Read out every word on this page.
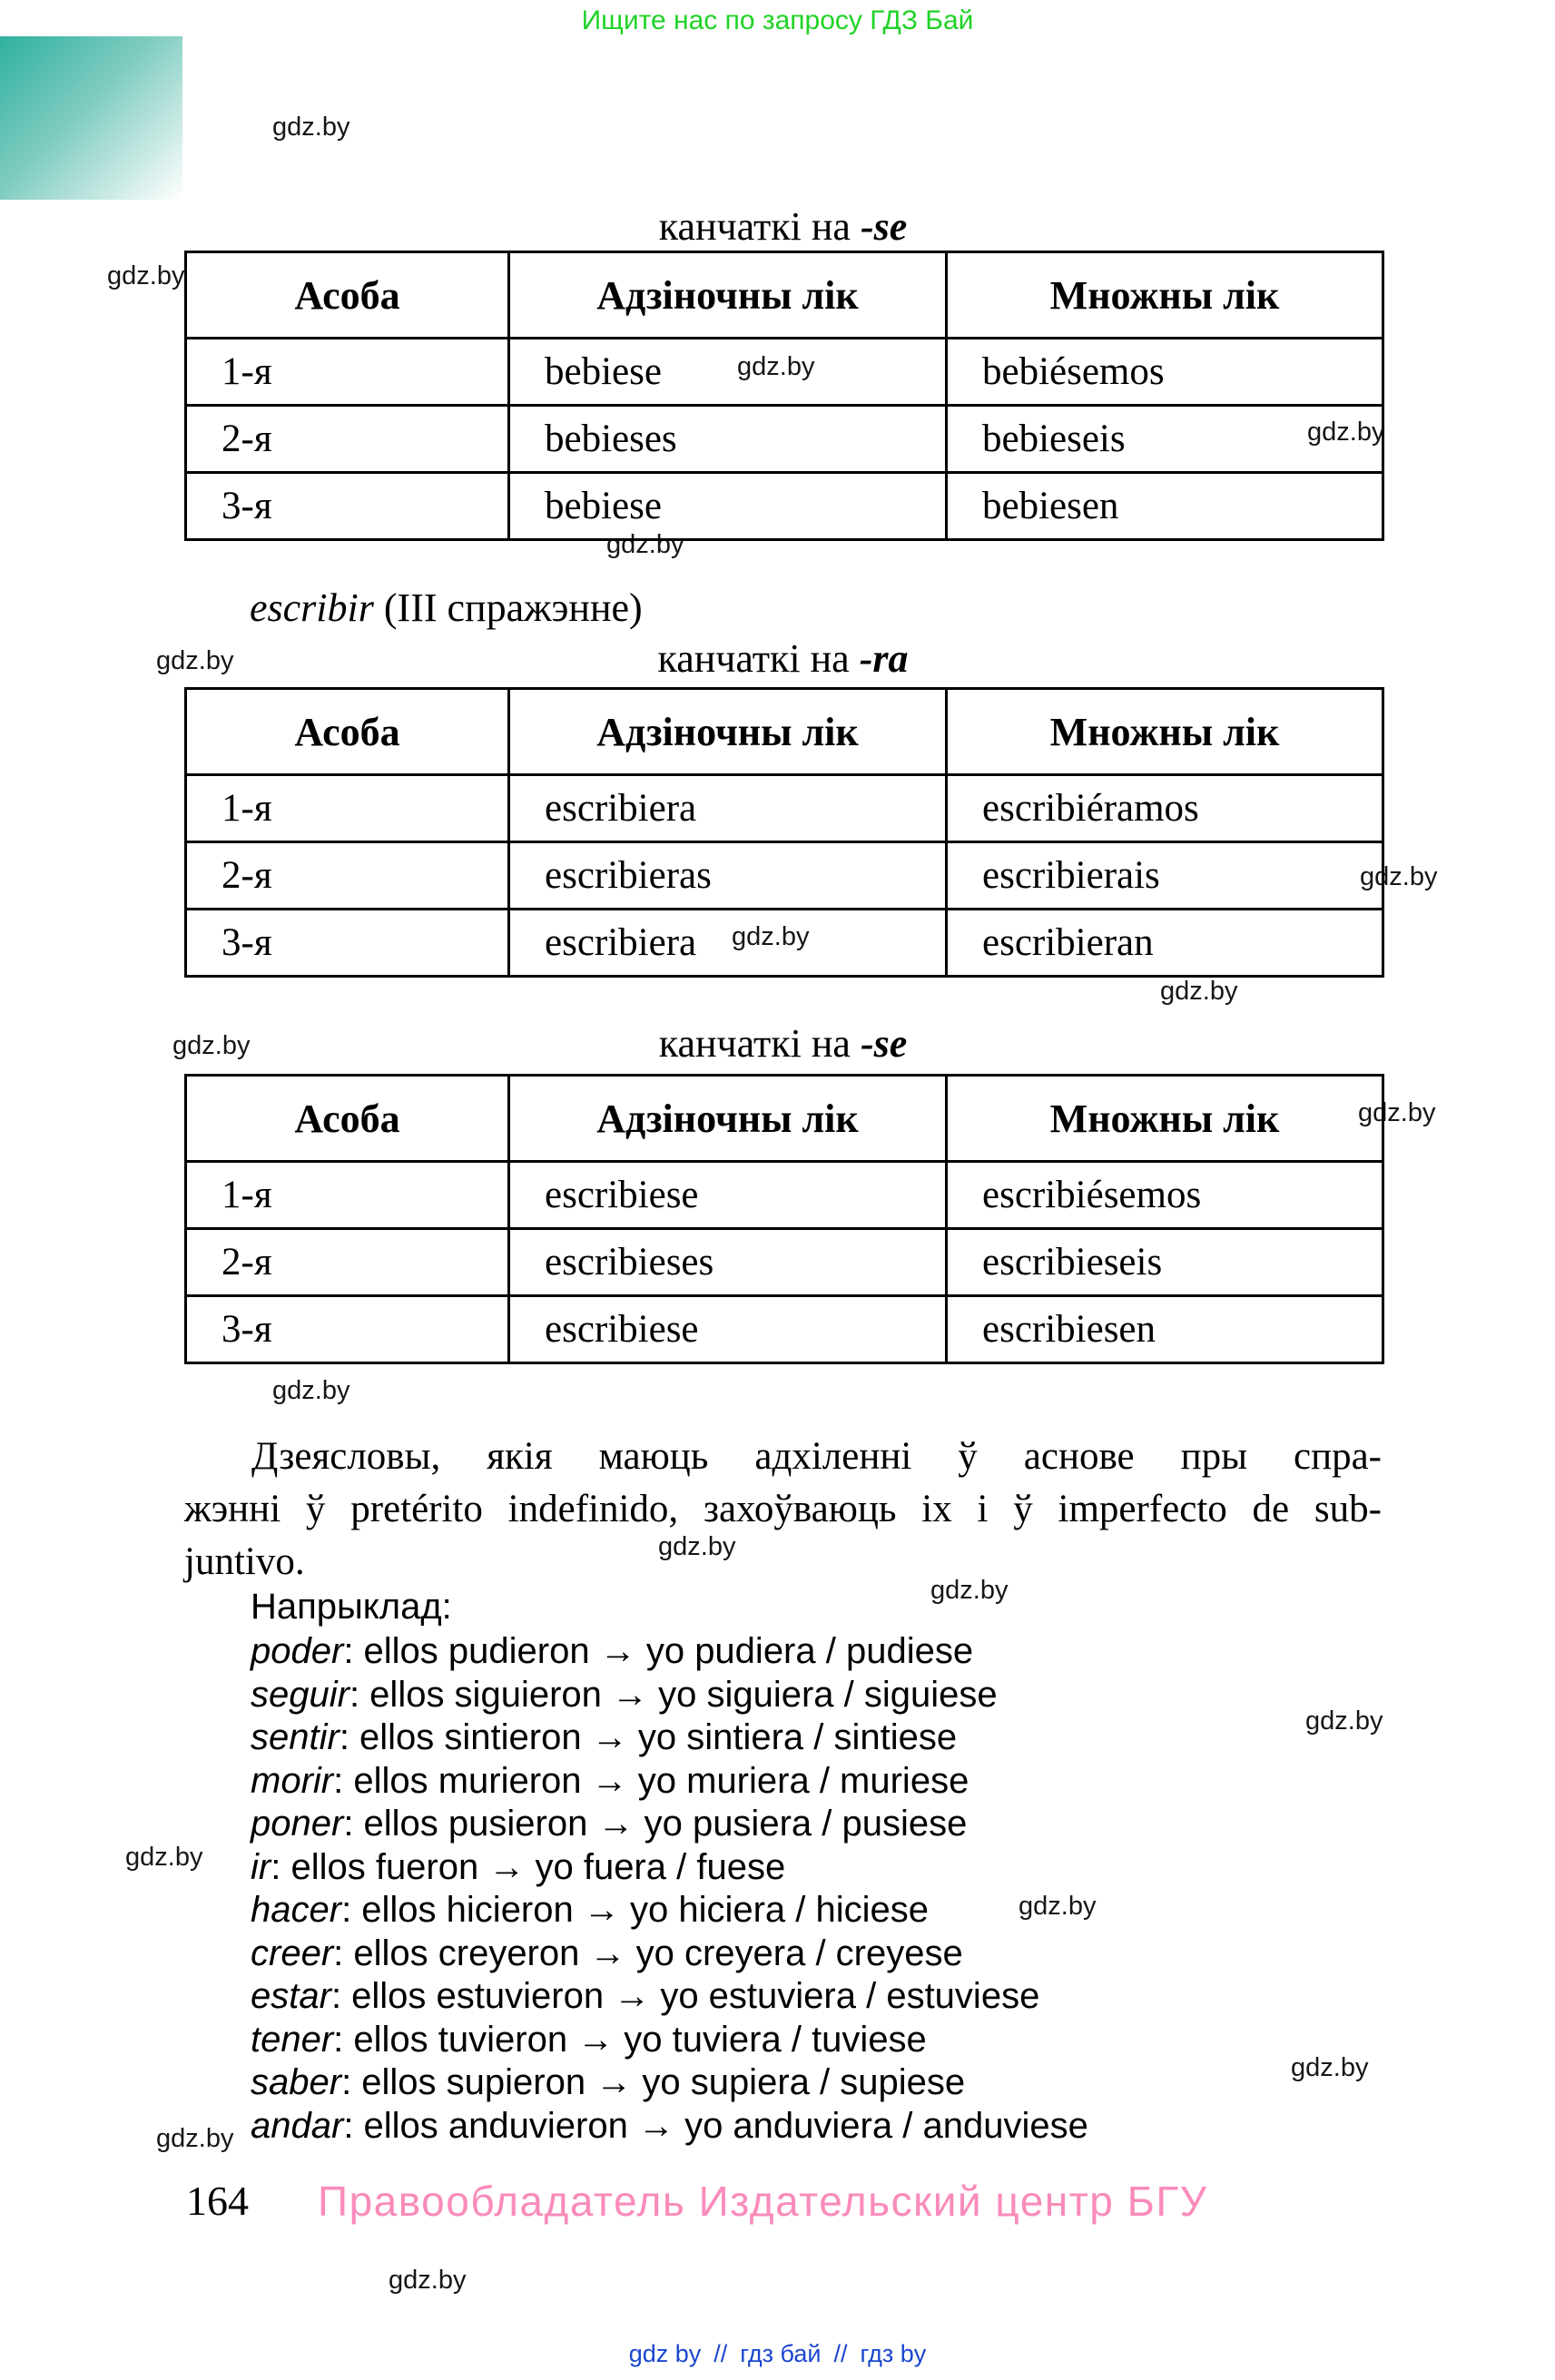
Ищите нас по запросу ГДЗ Бай
gdz.by
gdz.by
gdz.by
gdz.by
gdz.by
gdz.by
gdz.by
gdz.by
gdz.by
gdz.by
gdz.by
gdz.by
gdz.by
gdz.by
gdz.by
gdz.by
gdz.by
gdz.by
gdz.by
gdz.by
канчаткі на -se
Асоба	Адзіночны лік	Множны лік
1-я	bebiese	bebiésemos
2-я	bebieses	bebieseis
3-я	bebiese	bebiesen
escribir (III спражэнне)
канчаткі на -ra
Асоба	Адзіночны лік	Множны лік
1-я	escribiera	escribiéramos
2-я	escribieras	escribierais
3-я	escribiera	escribieran
канчаткі на -se
Асоба	Адзіночны лік	Множны лік
1-я	escribiese	escribiésemos
2-я	escribieses	escribieseis
3-я	escribiese	escribiesen
Дзеясловы, якія маюць адхіленні ў аснове пры спра-
жэнні ў pretérito indefinido, захоўваюць іх і ў imperfecto de sub-
juntivo.
Напрыклад:
poder: ellos pudieron → yo pudiera / pudiese
seguir: ellos siguieron → yo siguiera / siguiese
sentir: ellos sintieron → yo sintiera / sintiese
morir: ellos murieron → yo muriera / muriese
poner: ellos pusieron → yo pusiera / pusiese
ir: ellos fueron → yo fuera / fuese
hacer: ellos hicieron → yo hiciera / hiciese
creer: ellos creyeron → yo creyera / creyese
estar: ellos estuvieron → yo estuviera / estuviese
tener: ellos tuvieron → yo tuviera / tuviese
saber: ellos supieron → yo supiera / supiese
andar: ellos anduvieron → yo anduviera / anduviese
164 Правообладатель Издательский центр БГУ
gdz by // гдз бай // гдз by
